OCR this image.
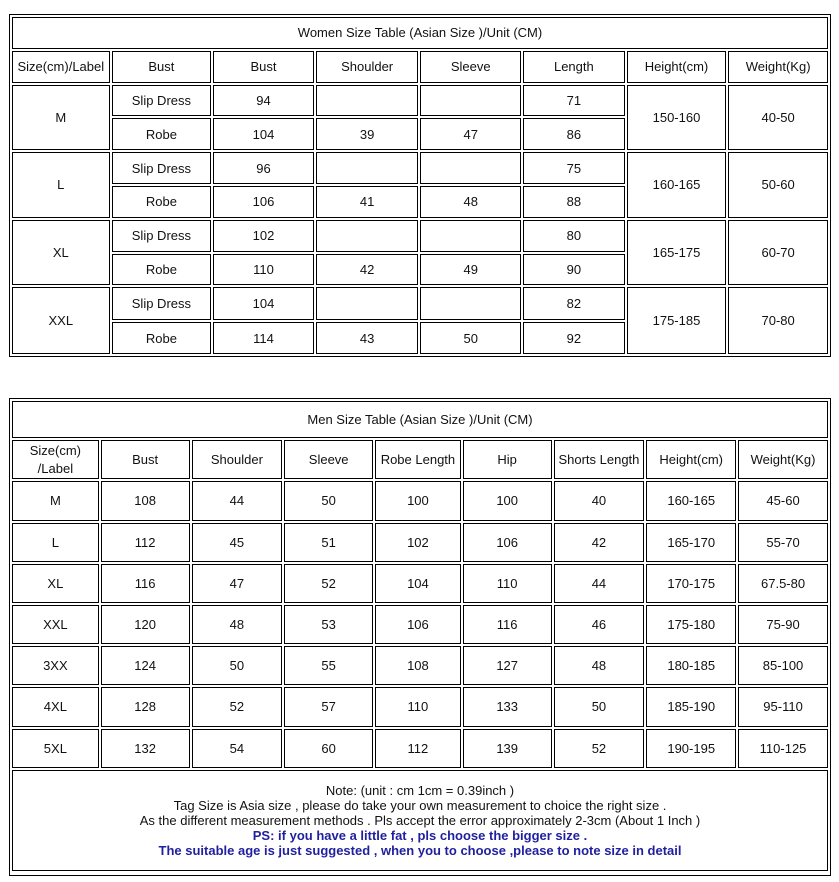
Women Size Table (Asian Size )/Unit (CM)							
Size(cm)/Label	Bust	Bust	Shoulder	Sleeve	Length	Height(cm)	Weight(Kg)
M	Slip Dress	94			71	150-160	40-50
	Robe	104	39	47	86		
L	Slip Dress	96			75	160-165	50-60
	Robe	106	41	48	88		
XL	Slip Dress	102			80	165-175	60-70
	Robe	110	42	49	90		
XXL	Slip Dress	104			82	175-185	70-80
	Robe	114	43	50	92		
Men Size Table (Asian Size )/Unit (CM)								

Size(cm)
/Label	Bust	Shoulder	Sleeve	Robe Length	Hip	Shorts Length	Height(cm)	Weight(Kg)
M	108	44	50	100	100	40	160-165	45-60
L	112	45	51	102	106	42	165-170	55-70
XL	116	47	52	104	110	44	170-175	67.5-80
XXL	120	48	53	106	116	46	175-180	75-90
3XX	124	50	55	108	127	48	180-185	85-100
4XL	128	52	57	110	133	50	185-190	95-110
5XL	132	54	60	112	139	52	190-195	110-125

Note: (unit : cm 1cm = 0.39inch )
Tag Size is Asia size , please do take your own measurement to choice the right size .
As the different measurement methods . Pls accept the error approximately 2-3cm (About 1 Inch )
PS: if you have a little fat , pls choose the bigger size .
The suitable age is just suggested , when you to choose ,please to note size in detail								
